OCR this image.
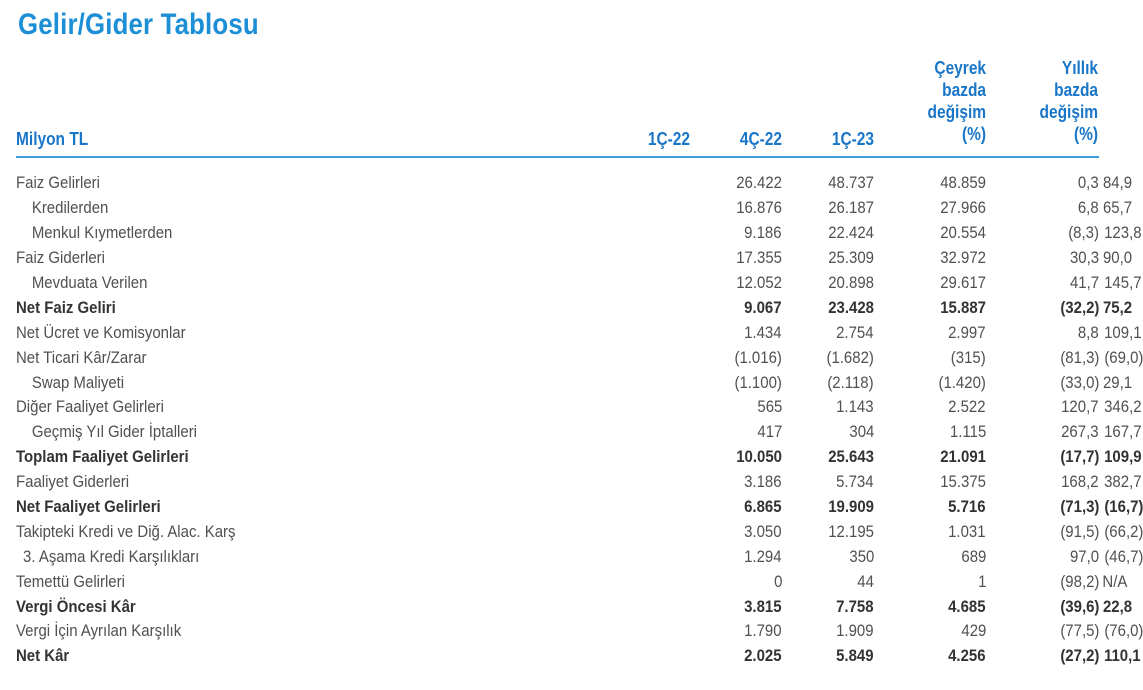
Gelir/Gider Tablosu
Milyon TL	1Ç-22	4Ç-22	1Ç-23
Çeyrek
bazda
değişim
(%)
Yıllık
bazda
değişim
(%)
Faiz Gelirleri	26.422	48.737	48.859	0,3	84,9
Kredilerden	16.876	26.187	27.966	6,8	65,7
Menkul Kıymetlerden	9.186	22.424	20.554	(8,3)	123,8
Faiz Giderleri	17.355	25.309	32.972	30,3	90,0
Mevduata Verilen	12.052	20.898	29.617	41,7	145,7
Net Faiz Geliri	9.067	23.428	15.887	(32,2)	75,2
Net Ücret ve Komisyonlar	1.434	2.754	2.997	8,8	109,1
Net Ticari Kâr/Zarar	(1.016)	(1.682)	(315)	(81,3)	(69,0)
Swap Maliyeti	(1.100)	(2.118)	(1.420)	(33,0)	29,1
Diğer Faaliyet Gelirleri	565	1.143	2.522	120,7	346,2
Geçmiş Yıl Gider İptalleri	417	304	1.115	267,3	167,7
Toplam Faaliyet Gelirleri	10.050	25.643	21.091	(17,7)	109,9
Faaliyet Giderleri	3.186	5.734	15.375	168,2	382,7
Net Faaliyet Gelirleri	6.865	19.909	5.716	(71,3)	(16,7)
Takipteki Kredi ve Diğ. Alac. Karş	3.050	12.195	1.031	(91,5)	(66,2)
3. Aşama Kredi Karşılıkları	1.294	350	689	97,0	(46,7)
Temettü Gelirleri	0	44	1	(98,2)	N/A
Vergi Öncesi Kâr	3.815	7.758	4.685	(39,6)	22,8
Vergi İçin Ayrılan Karşılık	1.790	1.909	429	(77,5)	(76,0)
Net Kâr	2.025	5.849	4.256	(27,2)	110,1
